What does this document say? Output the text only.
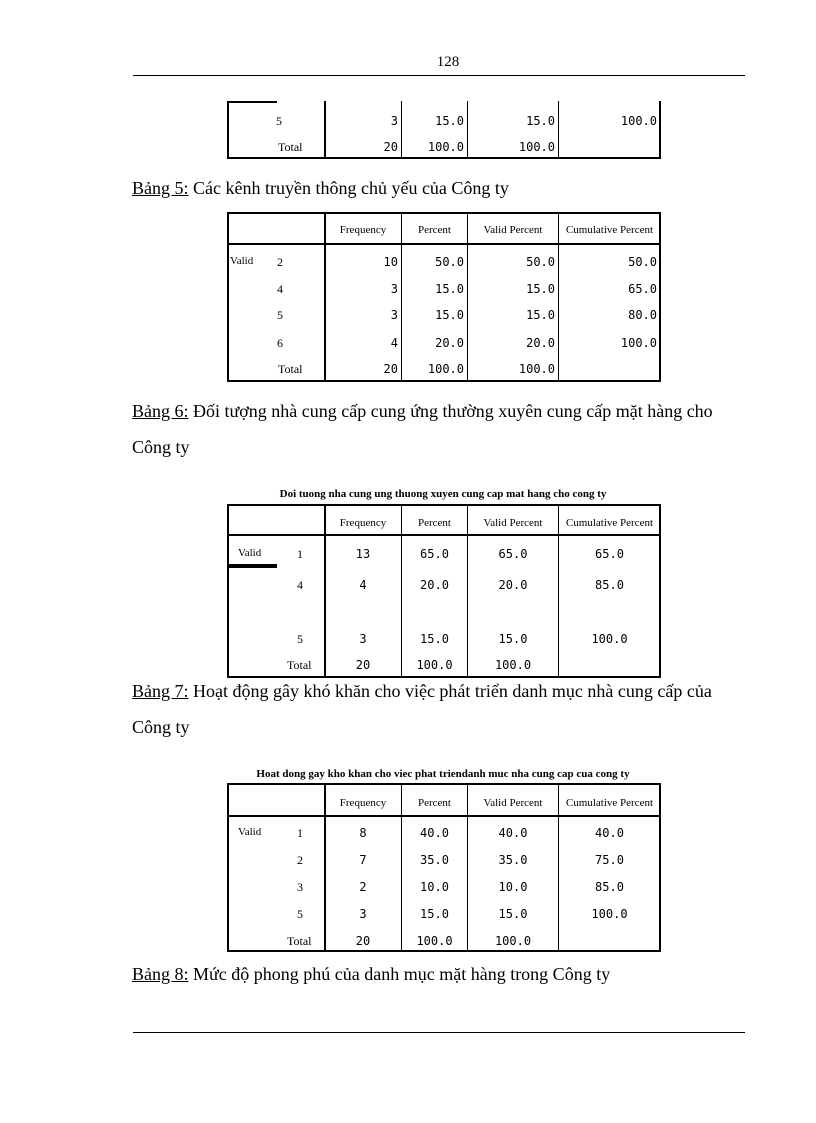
128
5	3	15.0	15.0	100.0
Total	20	100.0	100.0
Bảng 5: Các kênh truyền thông chủ yếu của Công ty
Frequency	Percent	Valid Percent	Cumulative Percent
Valid 2	10	50.0	50.0	50.0
4	3	15.0	15.0	65.0
5	3	15.0	15.0	80.0
6	4	20.0	20.0	100.0
Total	20	100.0	100.0
Bảng 6: Đối tượng nhà cung cấp cung ứng thường xuyên cung cấp mặt hàng cho Công ty
Doi tuong nha cung ung thuong xuyen cung cap mat hang cho cong ty
Frequency	Percent	Valid Percent	Cumulative Percent
Valid	1	13	65.0	65.0	65.0
4	4	20.0	20.0	85.0
5	3	15.0	15.0	100.0
Total	20	100.0	100.0
Bảng 7: Hoạt động gây khó khăn cho việc phát triển danh mục nhà cung cấp của Công ty
Hoat dong gay kho khan cho viec phat triendanh muc nha cung cap cua cong ty
Frequency	Percent	Valid Percent	Cumulative Percent
Valid	1	8	40.0	40.0	40.0
2	7	35.0	35.0	75.0
3	2	10.0	10.0	85.0
5	3	15.0	15.0	100.0
Total	20	100.0	100.0
Bảng 8: Mức độ phong phú của danh mục mặt hàng trong Công ty
